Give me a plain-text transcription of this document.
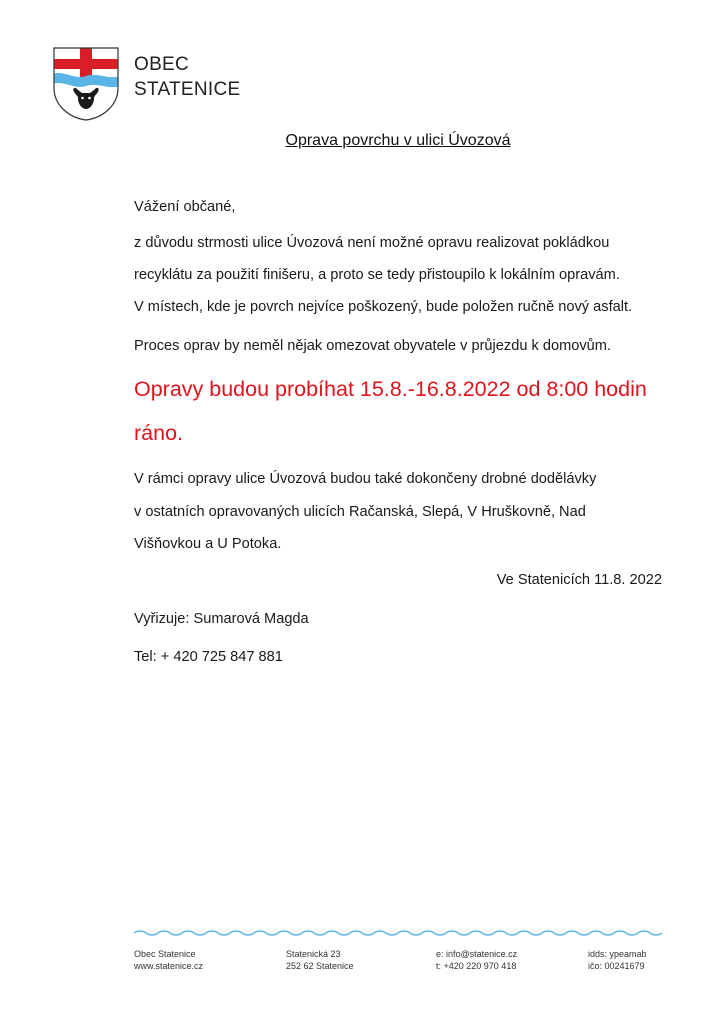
OBEC
STATENICE
Oprava povrchu v ulici Úvozová
Vážení občané,
z důvodu strmosti ulice Úvozová není možné opravu realizovat pokládkou
recyklátu za použití finišeru, a proto se tedy přistoupilo k lokálním opravám.
V místech, kde je povrch nejvíce poškozený, bude položen ručně nový asfalt.
Proces oprav by neměl nějak omezovat obyvatele v průjezdu k domovům.
Opravy budou probíhat 15.8.-16.8.2022 od 8:00 hodin
ráno.
V rámci opravy ulice Úvozová budou také dokončeny drobné dodělávky
v ostatních opravovaných ulicích Račanská, Slepá, V Hruškovně, Nad
Višňovkou a U Potoka.
Ve Statenicích 11.8. 2022
Vyřizuje: Sumarová Magda
Tel: + 420 725 847 881
Obec Statenice
www.statenice.cz
Statenická 23
252 62 Statenice
e: info@statenice.cz
t: +420 220 970 418
idds: ypeamab
ičo: 00241679
